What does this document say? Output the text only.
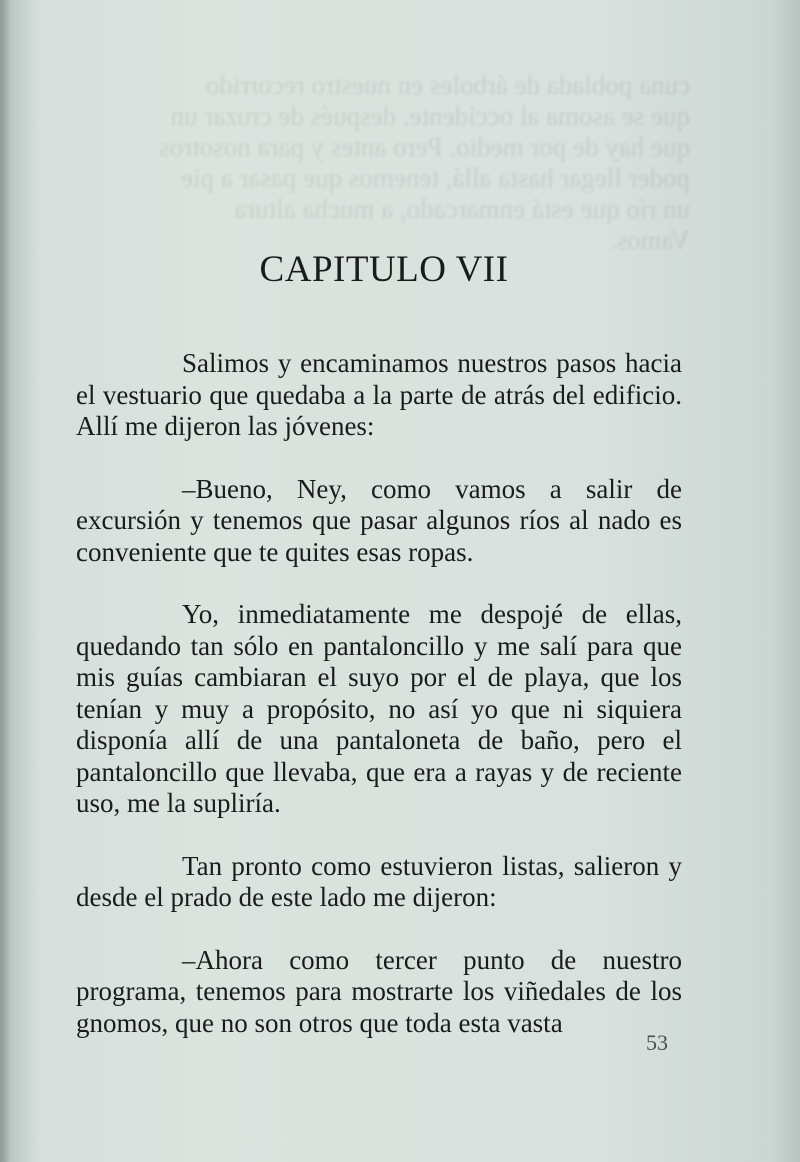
cuna poblada de árboles en nuestro recorrido
que se asoma al occidente, después de cruzar un
que hay de por medio. Pero antes y para nosotros
poder llegar hasta allá, tenemos que pasar a pie
un río que está enmarcado, a mucha altura
Vamos.
CAPITULO VII

Salimos y encaminamos nuestros pasos hacia el vestuario que quedaba a la parte de atrás del edificio. Allí me dijeron las jóvenes:

–Bueno, Ney, como vamos a salir de excursión y tenemos que pasar algunos ríos al nado es conveniente que te quites esas ropas.

Yo, inmediatamente me despojé de ellas, quedando tan sólo en pantaloncillo y me salí para que mis guías cambiaran el suyo por el de playa, que los tenían y muy a propósito, no así yo que ni siquiera disponía allí de una pantaloneta de baño, pero el pantaloncillo que llevaba, que era a rayas y de reciente uso, me la supliría.

Tan pronto como estuvieron listas, salieron y desde el prado de este lado me dijeron:

–Ahora como tercer punto de nuestro programa, tenemos para mostrarte los viñedales de los gnomos, que no son otros que toda esta vasta

53
